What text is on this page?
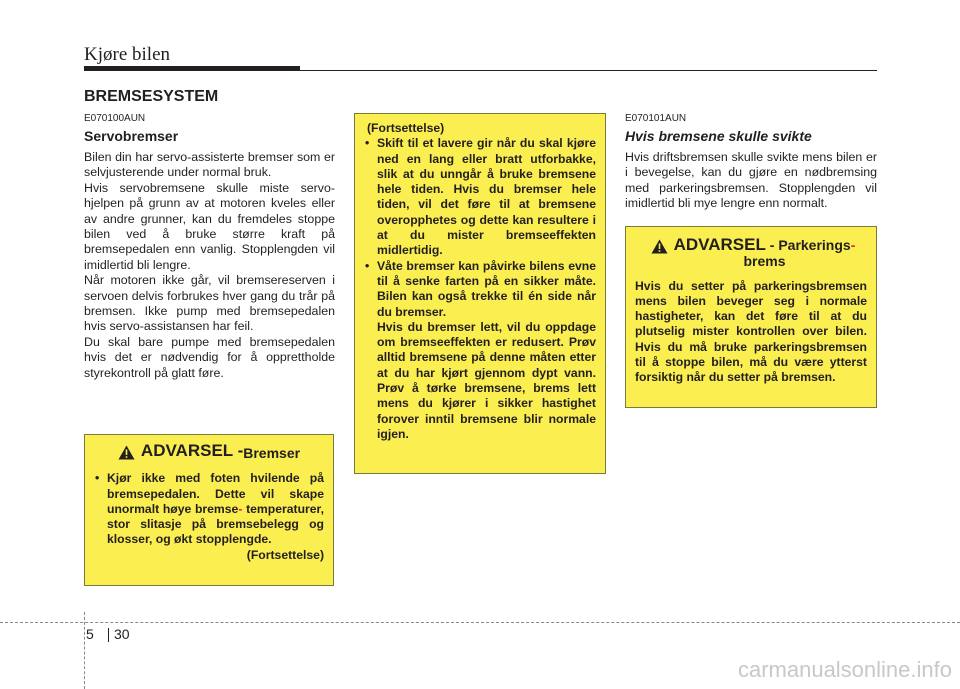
Kjøre bilen
BREMSESYSTEM
E070100AUN
Servobremser

Bilen din har servo-assisterte bremser som er selvjusterende under normal bruk.

Hvis servobremsene skulle miste servo-hjelpen på grunn av at motoren kveles eller av andre grunner, kan du fremdeles stoppe bilen ved å bruke større kraft på bremsepedalen enn vanlig. Stopplengden vil imidlertid bli lengre.

Når motoren ikke går, vil bremsereserven i servoen delvis forbrukes hver gang du trår på bremsen. Ikke pump med bremsepedalen hvis servo-assistansen har feil.

Du skal bare pumpe med bremsepedalen hvis det er nødvendig for å opprettholde styrekontroll på glatt føre.

ADVARSEL - Bremser
• Kjør ikke med foten hvilende på bremsepedalen. Dette vil skape unormalt høye bremse- temperaturer, stor slitasje på bremsebelegg og klosser, og økt stopplengde.
(Fortsettelse)
(Fortsettelse)
• Skift til et lavere gir når du skal kjøre ned en lang eller bratt utforbakke, slik at du unngår å bruke bremsene hele tiden. Hvis du bremser hele tiden, vil det føre til at bremsene overopphetes og dette kan resultere i at du mister bremseeffekten midlertidig.
• Våte bremser kan påvirke bilens evne til å senke farten på en sikker måte. Bilen kan også trekke til én side når du bremser.
Hvis du bremser lett, vil du oppdage om bremseeffekten er redusert. Prøv alltid bremsene på denne måten etter at du har kjørt gjennom dypt vann. Prøv å tørke bremsene, brems lett mens du kjører i sikker hastighet forover inntil bremsene blir normale igjen.
E070101AUN
Hvis bremsene skulle svikte

Hvis driftsbremsen skulle svikte mens bilen er i bevegelse, kan du gjøre en nødbremsing med parkeringsbremsen. Stopplengden vil imidlertid bli mye lengre enn normalt.

ADVARSEL - Parkerings-
brems
Hvis du setter på parkeringsbremsen mens bilen beveger seg i normale hastigheter, kan det føre til at du plutselig mister kontrollen over bilen. Hvis du må bruke parkeringsbremsen til å stoppe bilen, må du være ytterst forsiktig når du setter på bremsen.
5 30
carmanualsonline.info
